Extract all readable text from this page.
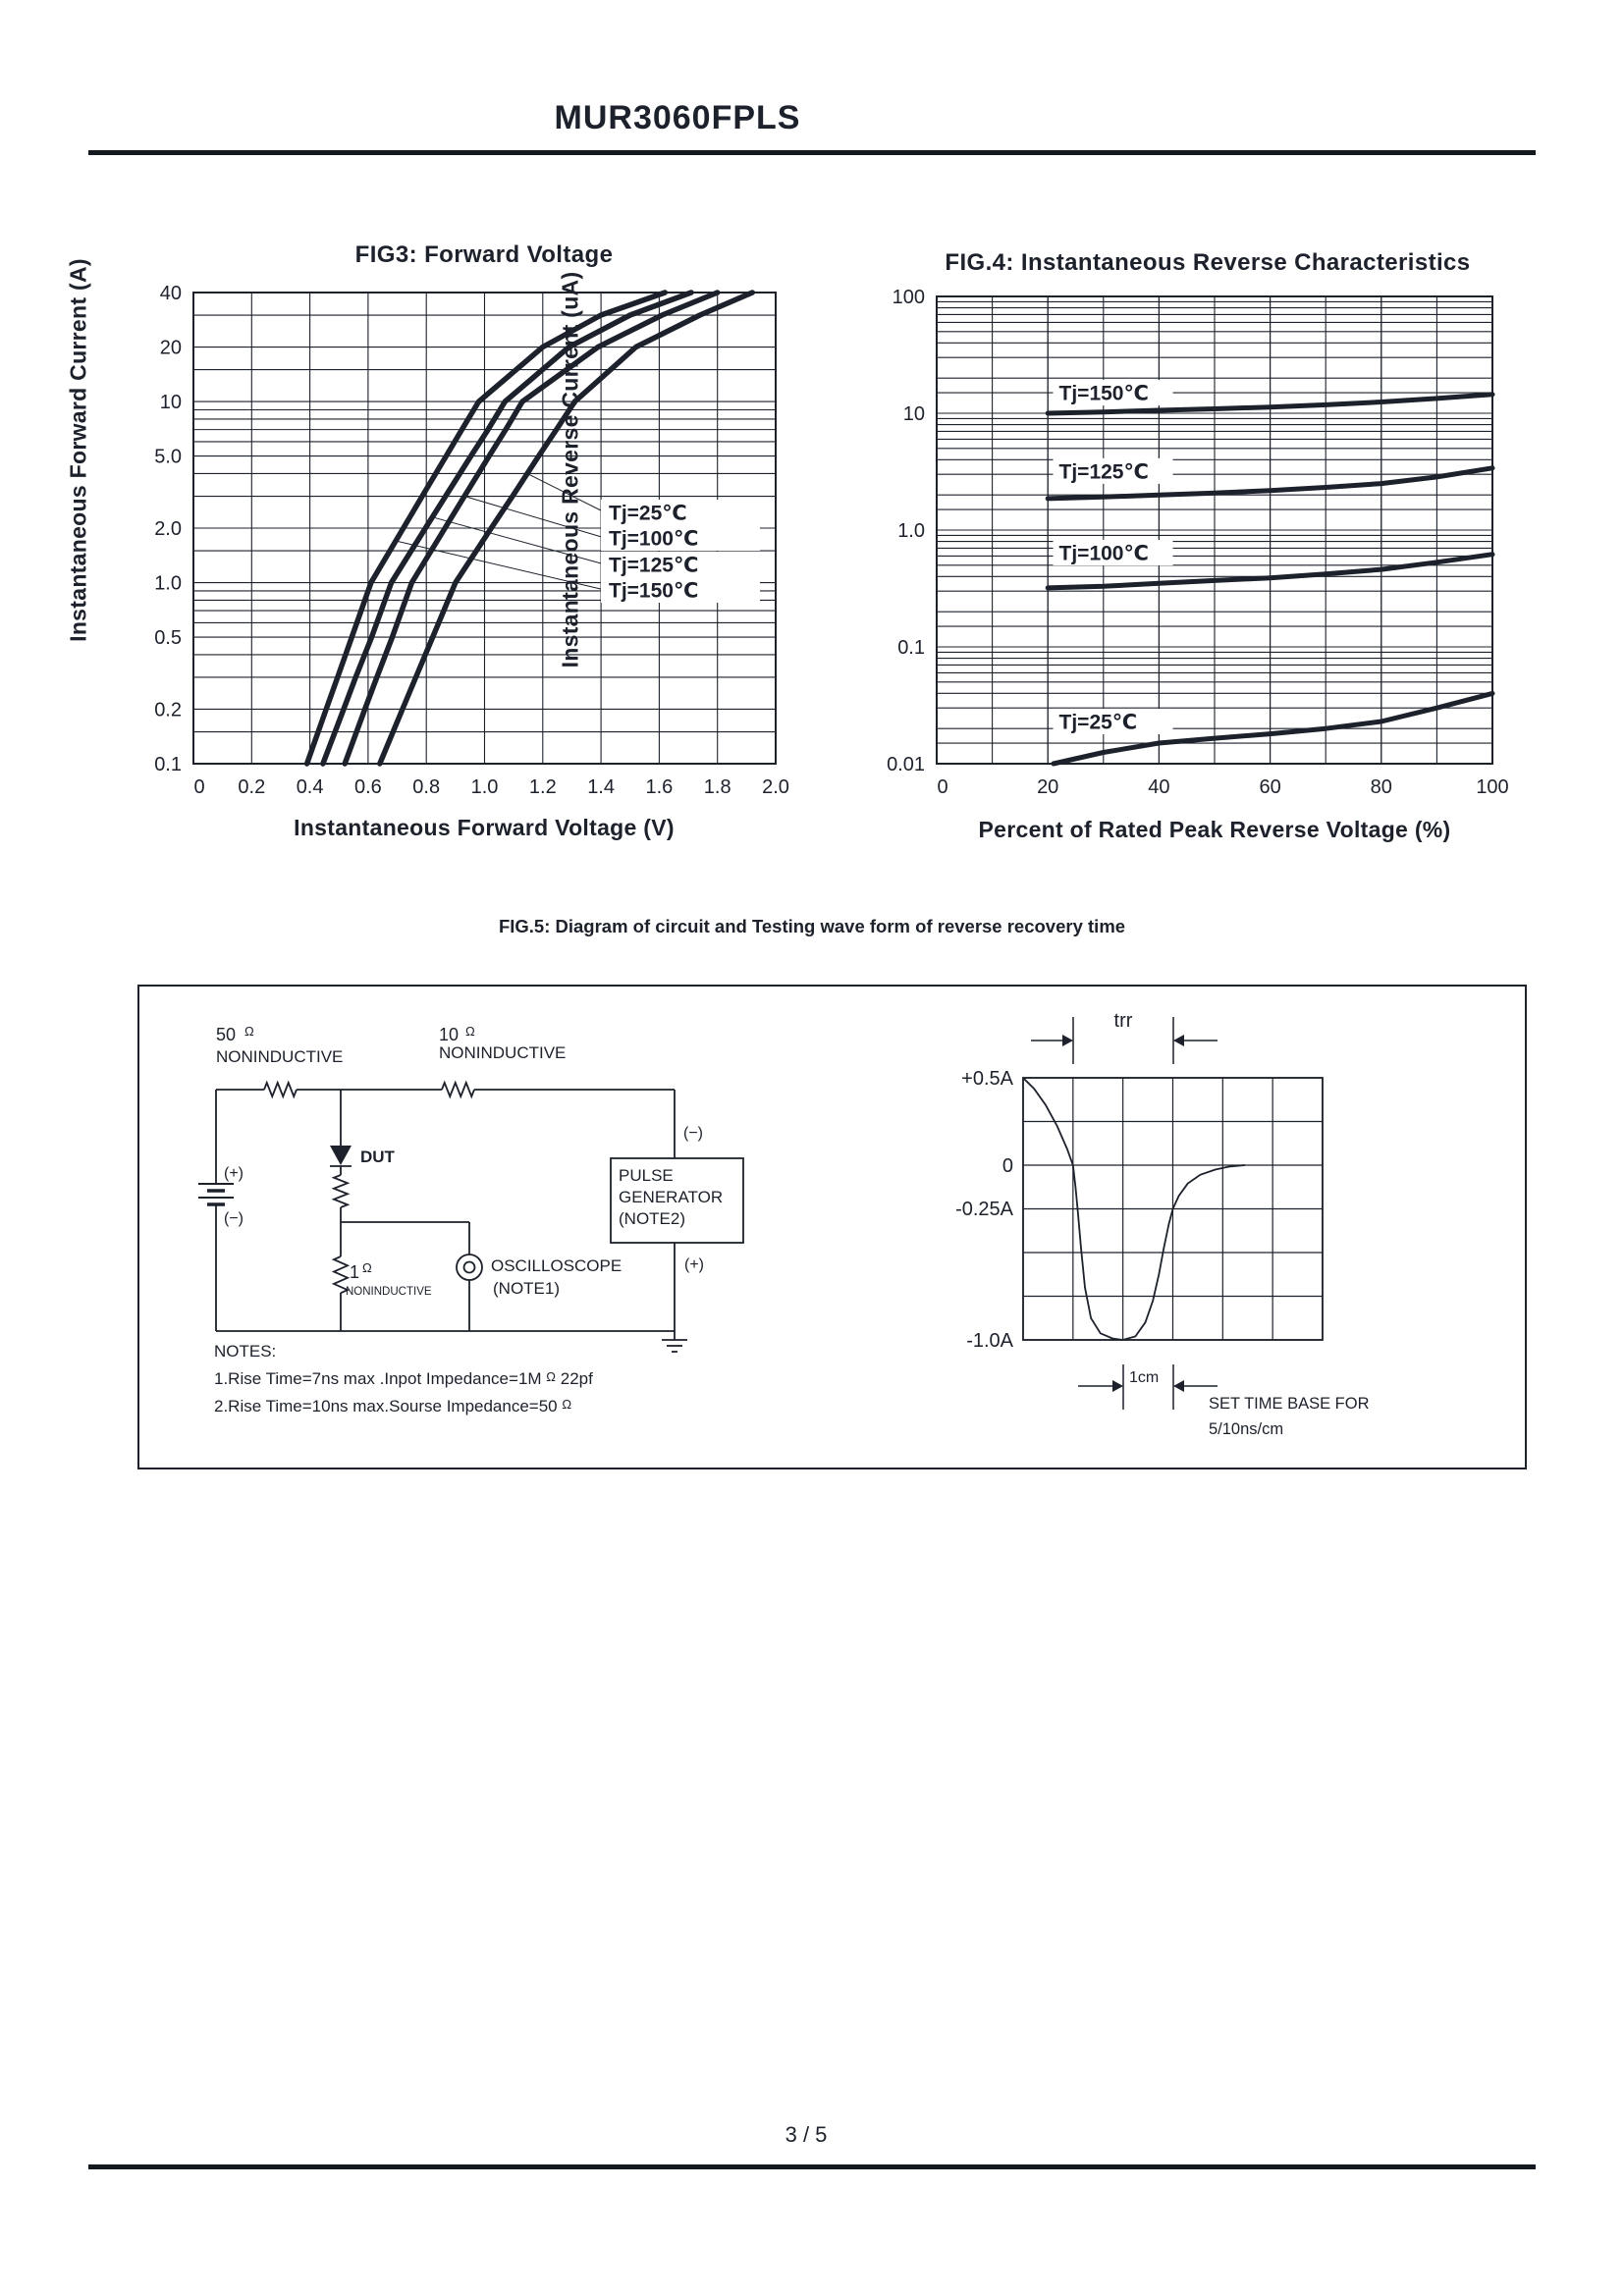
MUR3060FPLS
FIG3: Forward Voltage	FIG.4: Instantaneous Reverse Characteristics
Instantaneous Forward Current (A)	Instantaneous Reverse Current (uA)
Instantaneous Forward Voltage (V)	Percent of Rated Peak Reverse Voltage (%)
FIG.5: Diagram of circuit and Testing wave form of reverse recovery time
40
20
10
5.0
2.0
1.0
0.5
0.2
0.1
0 0.2 0.4 0.6 0.8 1.0 1.2 1.4 1.6 1.8 2.0
Tj=25℃
Tj=100℃
Tj=125℃
Tj=150℃
100
10
1.0
0.1
0.01
0	20	40	60	80	100
Tj=150℃
Tj=125℃
Tj=100℃
Tj=25℃
+0.5A
0
-0.25A
-1.0A
trr
1cm
50 Ω
NONINDUCTIVE
10 Ω
NONINDUCTIVE
(+)
(−)
DUT
1 Ω
NONINDUCTIVE
OSCILLOSCOPE
(NOTE1)
PULSE
GENERATOR
(NOTE2)
(−)
(+)
NOTES:
1.Rise Time=7ns max .Inpot Impedance=1M Ω 22pf
2.Rise Time=10ns max.Sourse Impedance=50 Ω	SET TIME BASE FOR
5/10ns/cm
3 / 5
